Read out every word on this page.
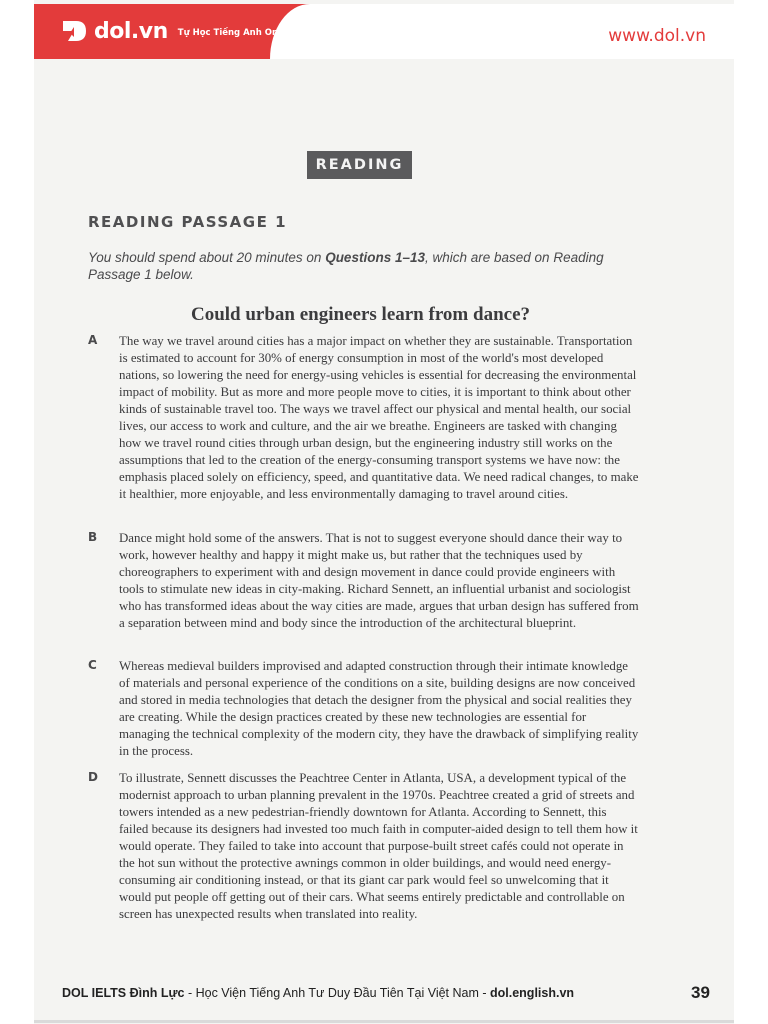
dol.vn Tự Học Tiếng Anh Online	www.dol.vn
READING
READING PASSAGE 1
You should spend about 20 minutes on Questions 1–13, which are based on Reading Passage 1 below.
Could urban engineers learn from dance?
A The way we travel around cities has a major impact on whether they are sustainable. Transportation is estimated to account for 30% of energy consumption in most of the world's most developed nations, so lowering the need for energy-using vehicles is essential for decreasing the environmental impact of mobility. But as more and more people move to cities, it is important to think about other kinds of sustainable travel too. The ways we travel affect our physical and mental health, our social lives, our access to work and culture, and the air we breathe. Engineers are tasked with changing how we travel round cities through urban design, but the engineering industry still works on the assumptions that led to the creation of the energy-consuming transport systems we have now: the emphasis placed solely on efficiency, speed, and quantitative data. We need radical changes, to make it healthier, more enjoyable, and less environmentally damaging to travel around cities.
B Dance might hold some of the answers. That is not to suggest everyone should dance their way to work, however healthy and happy it might make us, but rather that the techniques used by choreographers to experiment with and design movement in dance could provide engineers with tools to stimulate new ideas in city-making. Richard Sennett, an influential urbanist and sociologist who has transformed ideas about the way cities are made, argues that urban design has suffered from a separation between mind and body since the introduction of the architectural blueprint.
C Whereas medieval builders improvised and adapted construction through their intimate knowledge of materials and personal experience of the conditions on a site, building designs are now conceived and stored in media technologies that detach the designer from the physical and social realities they are creating. While the design practices created by these new technologies are essential for managing the technical complexity of the modern city, they have the drawback of simplifying reality in the process.
D To illustrate, Sennett discusses the Peachtree Center in Atlanta, USA, a development typical of the modernist approach to urban planning prevalent in the 1970s. Peachtree created a grid of streets and towers intended as a new pedestrian-friendly downtown for Atlanta. According to Sennett, this failed because its designers had invested too much faith in computer-aided design to tell them how it would operate. They failed to take into account that purpose-built street cafés could not operate in the hot sun without the protective awnings common in older buildings, and would need energy-consuming air conditioning instead, or that its giant car park would feel so unwelcoming that it would put people off getting out of their cars. What seems entirely predictable and controllable on screen has unexpected results when translated into reality.
DOL IELTS Đình Lực - Học Viện Tiếng Anh Tư Duy Đầu Tiên Tại Việt Nam - dol.english.vn	39
